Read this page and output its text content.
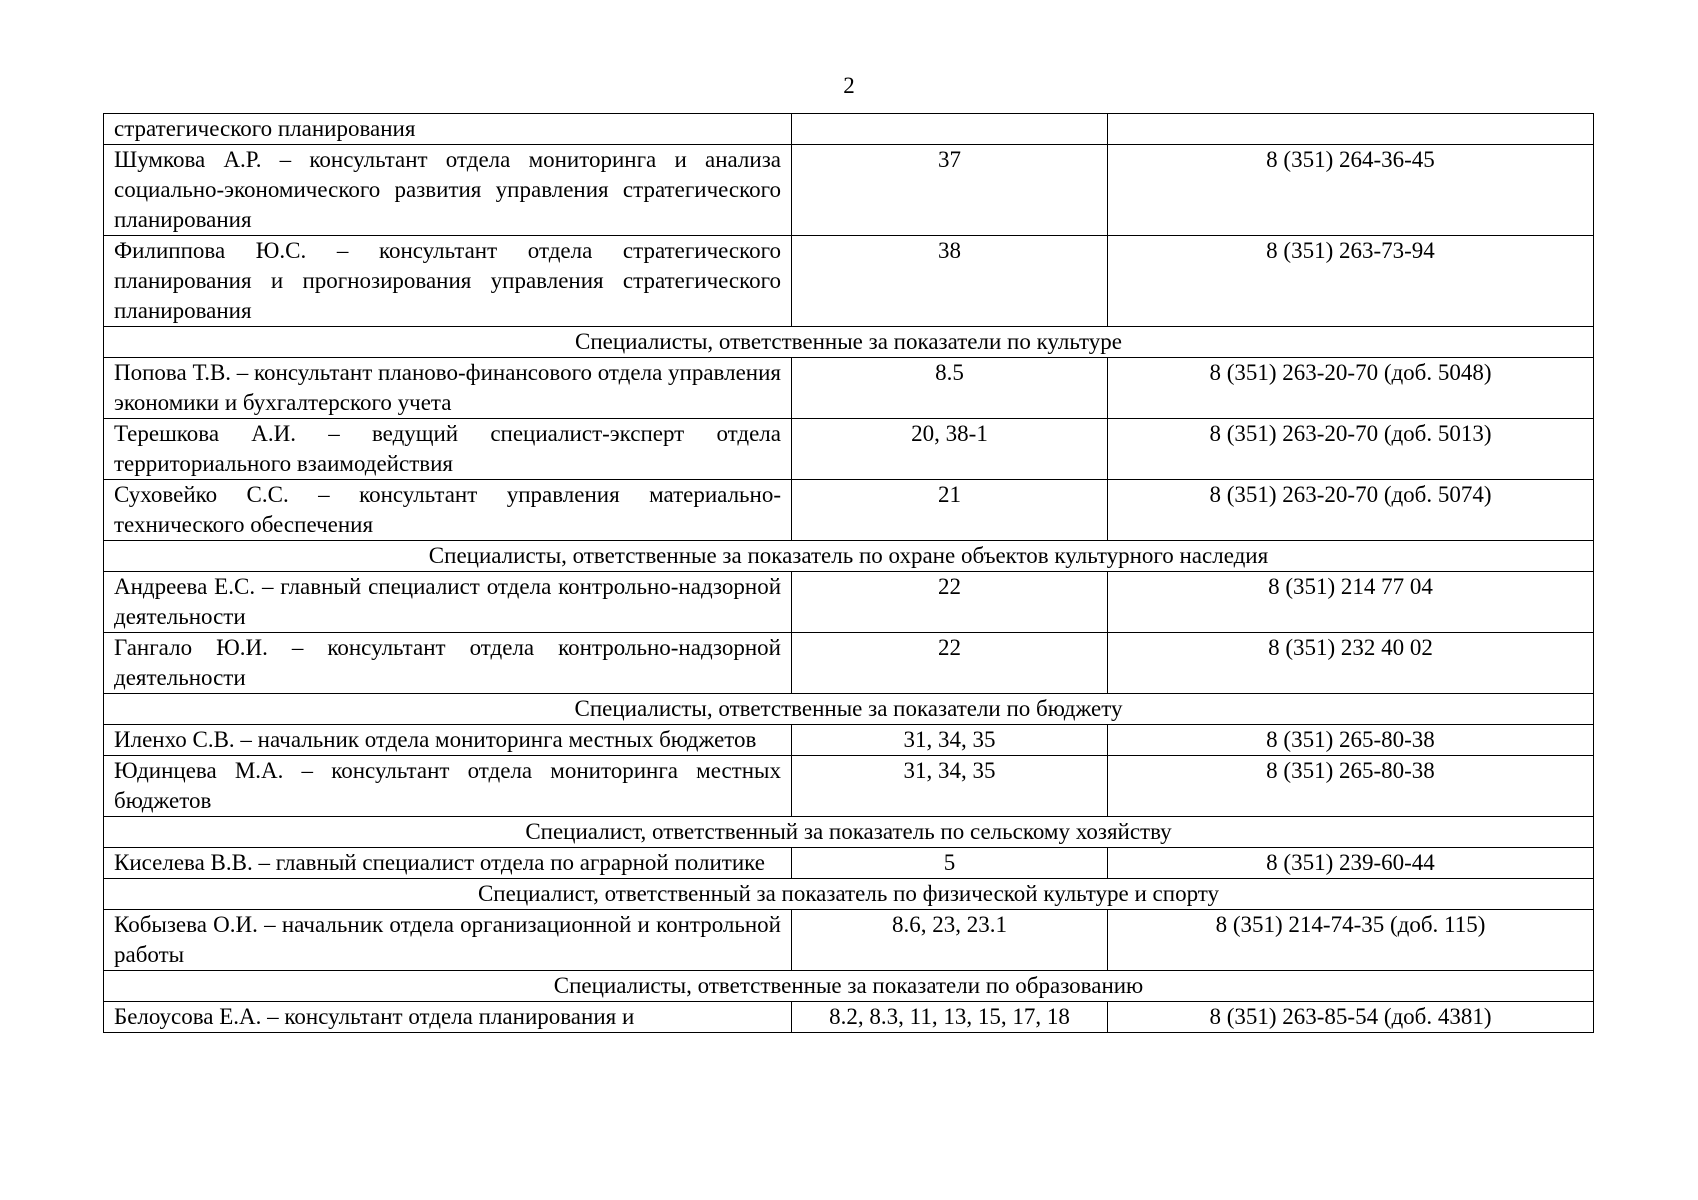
2
стратегического планирования		
Шумкова А.Р. – консультант отдела мониторинга и анализа социально-экономического развития управления стратегического планирования	37	8 (351) 264-36-45
Филиппова Ю.С. – консультант отдела стратегического планирования и прогнозирования управления стратегического планирования	38	8 (351) 263-73-94
Специалисты, ответственные за показатели по культуре		
Попова Т.В. – консультант планово-финансового отдела управления экономики и бухгалтерского учета	8.5	8 (351) 263-20-70 (доб. 5048)
Терешкова А.И. – ведущий специалист-эксперт отдела территориального взаимодействия	20, 38-1	8 (351) 263-20-70 (доб. 5013)
Суховейко С.С. – консультант управления материально-технического обеспечения	21	8 (351) 263-20-70 (доб. 5074)
Специалисты, ответственные за показатель по охране объектов культурного наследия		
Андреева Е.С. – главный специалист отдела контрольно-надзорной деятельности	22	8 (351) 214 77 04
Гангало Ю.И. – консультант отдела контрольно-надзорной деятельности	22	8 (351) 232 40 02
Специалисты, ответственные за показатели по бюджету		
Иленхо С.В. – начальник отдела мониторинга местных бюджетов	31, 34, 35	8 (351) 265-80-38
Юдинцева М.А. – консультант отдела мониторинга местных бюджетов	31, 34, 35	8 (351) 265-80-38
Специалист, ответственный за показатель по сельскому хозяйству		
Киселева В.В. – главный специалист отдела по аграрной политике	5	8 (351) 239-60-44
Специалист, ответственный за показатель по физической культуре и спорту		
Кобызева О.И. – начальник отдела организационной и контрольной работы	8.6, 23, 23.1	8 (351) 214-74-35 (доб. 115)
Специалисты, ответственные за показатели по образованию		
Белоусова Е.А. – консультант отдела планирования и	8.2, 8.3, 11, 13, 15, 17, 18	8 (351) 263-85-54 (доб. 4381)
